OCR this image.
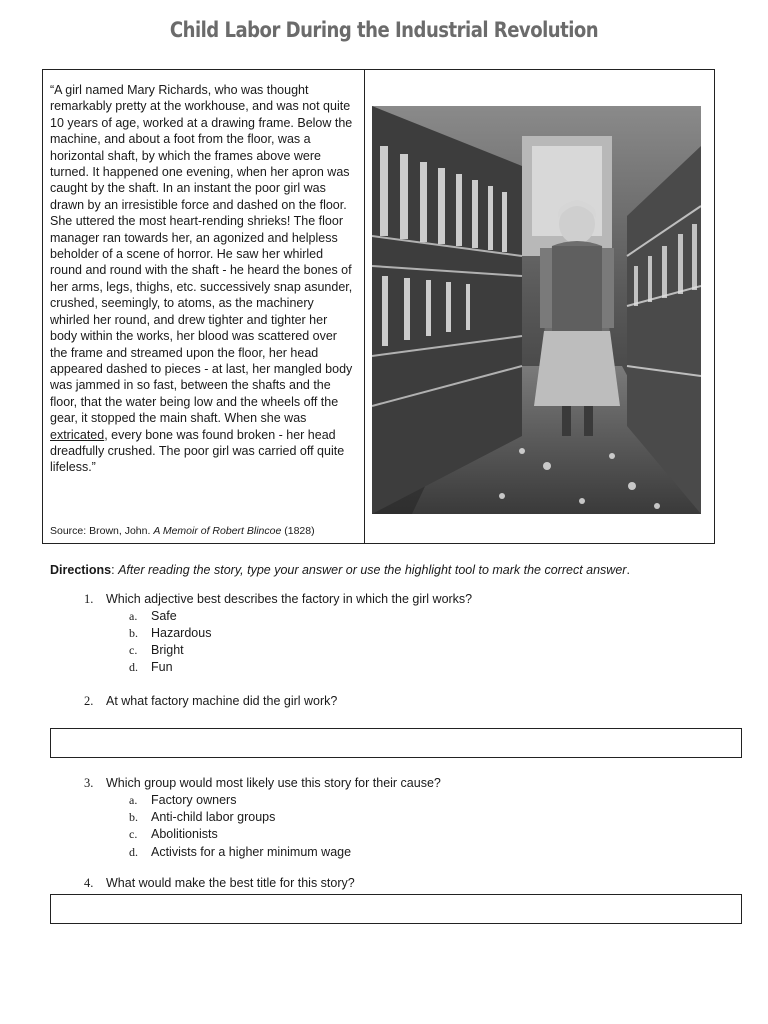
Child Labor During the Industrial Revolution
“A girl named Mary Richards, who was thought remarkably pretty at the workhouse, and was not quite 10 years of age, worked at a drawing frame. Below the machine, and about a foot from the floor, was a horizontal shaft, by which the frames above were turned. It happened one evening, when her apron was caught by the shaft. In an instant the poor girl was drawn by an irresistible force and dashed on the floor. She uttered the most heart-rending shrieks! The floor manager ran towards her, an agonized and helpless beholder of a scene of horror. He saw her whirled round and round with the shaft - he heard the bones of her arms, legs, thighs, etc. successively snap asunder, crushed, seemingly, to atoms, as the machinery whirled her round, and drew tighter and tighter her body within the works, her blood was scattered over the frame and streamed upon the floor, her head appeared dashed to pieces - at last, her mangled body was jammed in so fast, between the shafts and the floor, that the water being low and the wheels off the gear, it stopped the main shaft. When she was extricated, every bone was found broken - her head dreadfully crushed. The poor girl was carried off quite lifeless.”
Source: Brown, John. A Memoir of Robert Blincoe (1828)
Directions: After reading the story, type your answer or use the highlight tool to mark the correct answer.
1. Which adjective best describes the factory in which the girl works?
a. Safe
b. Hazardous
c. Bright
d. Fun
2. At what factory machine did the girl work?
3. Which group would most likely use this story for their cause?
a. Factory owners
b. Anti-child labor groups
c. Abolitionists
d. Activists for a higher minimum wage
4. What would make the best title for this story?
